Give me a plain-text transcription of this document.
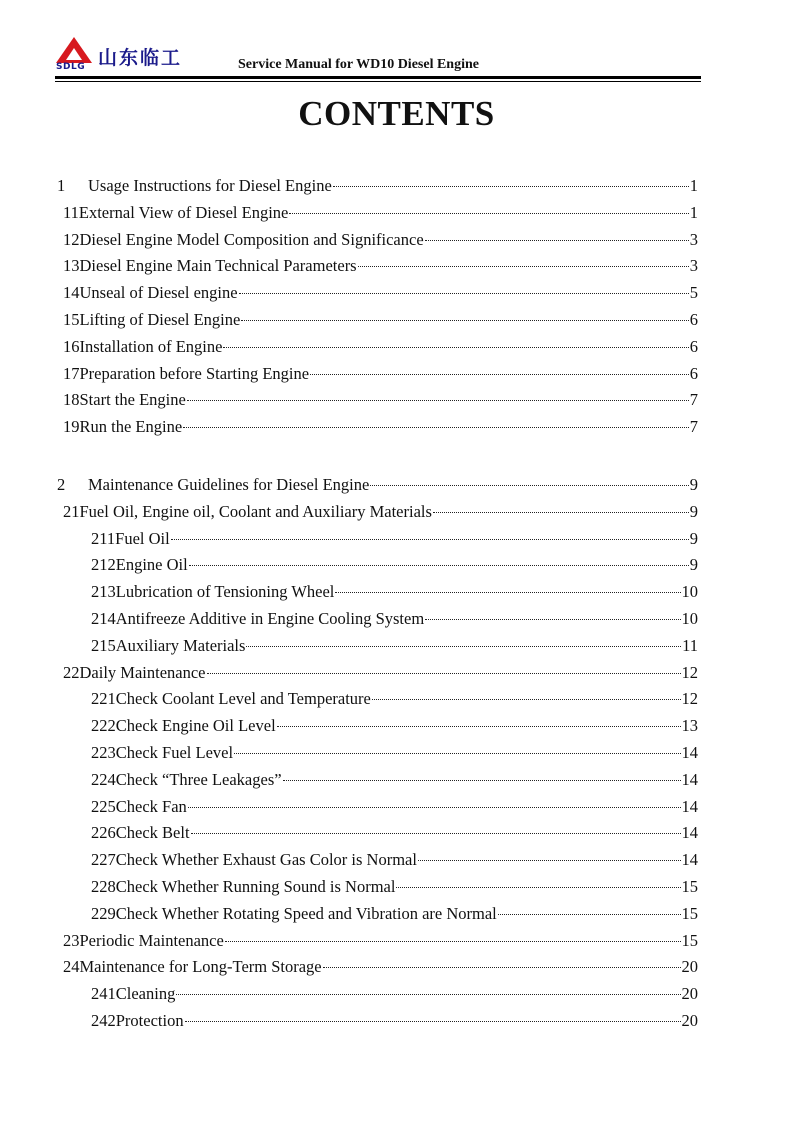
山东临工
SDLG	Service Manual for WD10 Diesel Engine
CONTENTS
1	Usage Instructions for Diesel Engine	1
11 External View of Diesel Engine	1
12 Diesel Engine Model Composition and Significance	3
13 Diesel Engine Main Technical Parameters	3
14 Unseal of Diesel engine	5
15 Lifting of Diesel Engine	6
16 Installation of Engine	6
17 Preparation before Starting Engine	6
18 Start the Engine	7
19 Run the Engine	7
2	Maintenance Guidelines for Diesel Engine	9
21 Fuel Oil, Engine oil, Coolant and Auxiliary Materials	9
211 Fuel Oil	9
212 Engine Oil	9
213 Lubrication of Tensioning Wheel	10
214 Antifreeze Additive in Engine Cooling System	10
215 Auxiliary Materials	11
22 Daily Maintenance	12
221 Check Coolant Level and Temperature	12
222 Check Engine Oil Level	13
223 Check Fuel Level	14
224 Check “Three Leakages”	14
225 Check Fan	14
226 Check Belt	14
227 Check Whether Exhaust Gas Color is Normal	14
228 Check Whether Running Sound is Normal	15
229 Check Whether Rotating Speed and Vibration are Normal	15
23 Periodic Maintenance	15
24 Maintenance for Long-Term Storage	20
241 Cleaning	20
242 Protection	20
